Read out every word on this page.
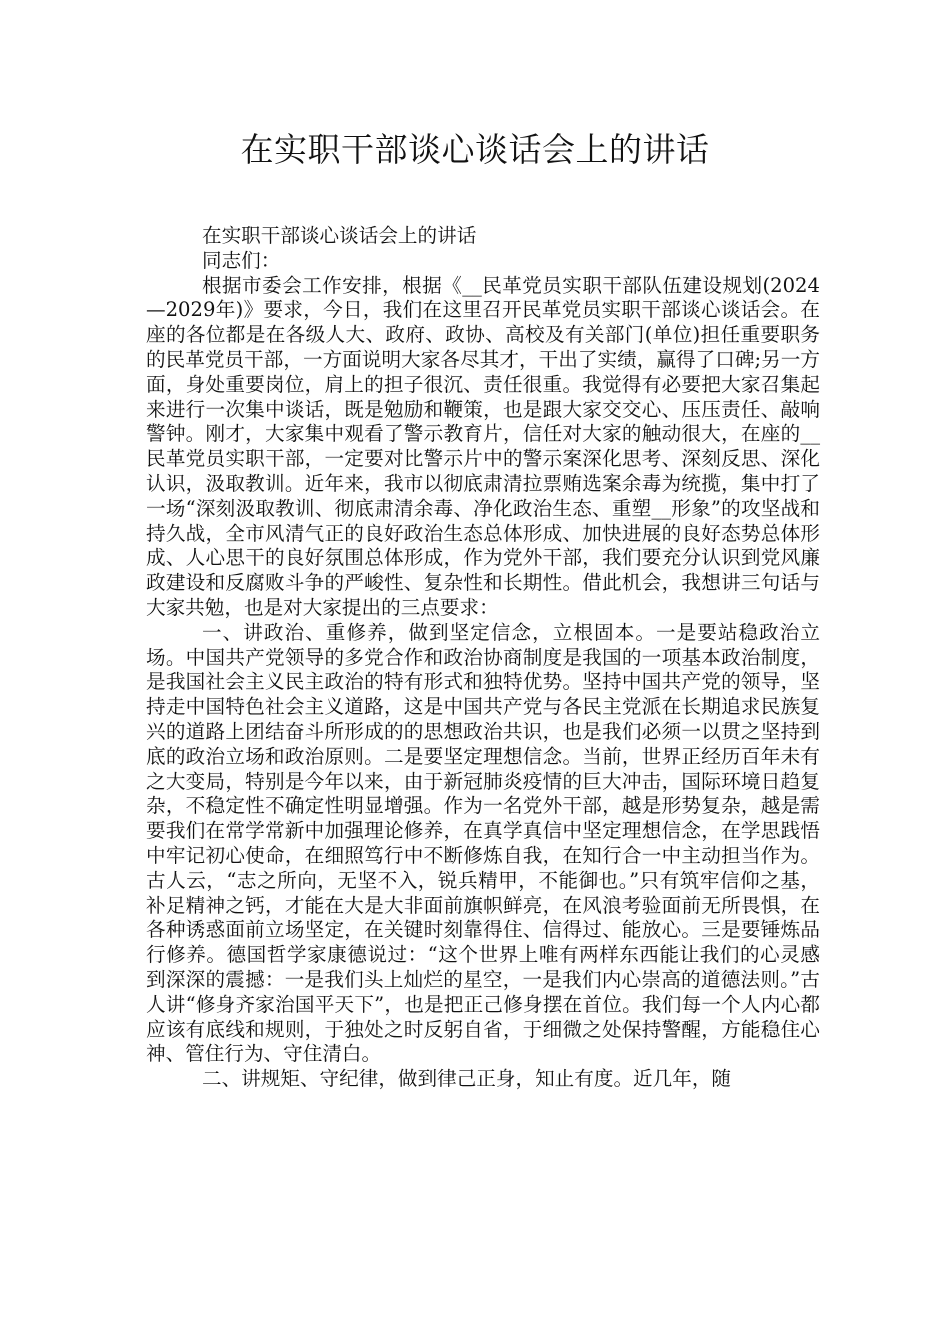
在实职干部谈心谈话会上的讲话

在实职干部谈心谈话会上的讲话

同志们：

根据市委会工作安排，根据《__民革党员实职干部队伍建设规划(2024—2029年)》要求，今日，我们在这里召开民革党员实职干部谈心谈话会。在座的各位都是在各级人大、政府、政协、高校及有关部门(单位)担任重要职务的民革党员干部，一方面说明大家各尽其才，干出了实绩，赢得了口碑;另一方面，身处重要岗位，肩上的担子很沉、责任很重。我觉得有必要把大家召集起来进行一次集中谈话，既是勉励和鞭策，也是跟大家交交心、压压责任、敲响警钟。刚才，大家集中观看了警示教育片，信任对大家的触动很大，在座的__民革党员实职干部，一定要对比警示片中的警示案深化思考、深刻反思、深化认识，汲取教训。近年来，我市以彻底肃清拉票贿选案余毒为统揽，集中打了一场“深刻汲取教训、彻底肃清余毒、净化政治生态、重塑__形象”的攻坚战和持久战，全市风清气正的良好政治生态总体形成、加快进展的良好态势总体形成、人心思干的良好氛围总体形成，作为党外干部，我们要充分认识到党风廉政建设和反腐败斗争的严峻性、复杂性和长期性。借此机会，我想讲三句话与大家共勉，也是对大家提出的三点要求：

一、讲政治、重修养，做到坚定信念，立根固本。一是要站稳政治立场。中国共产党领导的多党合作和政治协商制度是我国的一项基本政治制度，是我国社会主义民主政治的特有形式和独特优势。坚持中国共产党的领导，坚持走中国特色社会主义道路，这是中国共产党与各民主党派在长期追求民族复兴的道路上团结奋斗所形成的的思想政治共识，也是我们必须一以贯之坚持到底的政治立场和政治原则。二是要坚定理想信念。当前，世界正经历百年未有之大变局，特别是今年以来，由于新冠肺炎疫情的巨大冲击，国际环境日趋复杂，不稳定性不确定性明显增强。作为一名党外干部，越是形势复杂，越是需要我们在常学常新中加强理论修养，在真学真信中坚定理想信念，在学思践悟中牢记初心使命，在细照笃行中不断修炼自我，在知行合一中主动担当作为。古人云，“志之所向，无坚不入，锐兵精甲，不能御也。”只有筑牢信仰之基，补足精神之钙，才能在大是大非面前旗帜鲜亮，在风浪考验面前无所畏惧，在各种诱惑面前立场坚定，在关键时刻靠得住、信得过、能放心。三是要锤炼品行修养。德国哲学家康德说过：“这个世界上唯有两样东西能让我们的心灵感到深深的震撼：一是我们头上灿烂的星空，一是我们内心崇高的道德法则。”古人讲“修身齐家治国平天下”，也是把正己修身摆在首位。我们每一个人内心都应该有底线和规则，于独处之时反躬自省，于细微之处保持警醒，方能稳住心神、管住行为、守住清白。

二、讲规矩、守纪律，做到律己正身，知止有度。近几年，随
